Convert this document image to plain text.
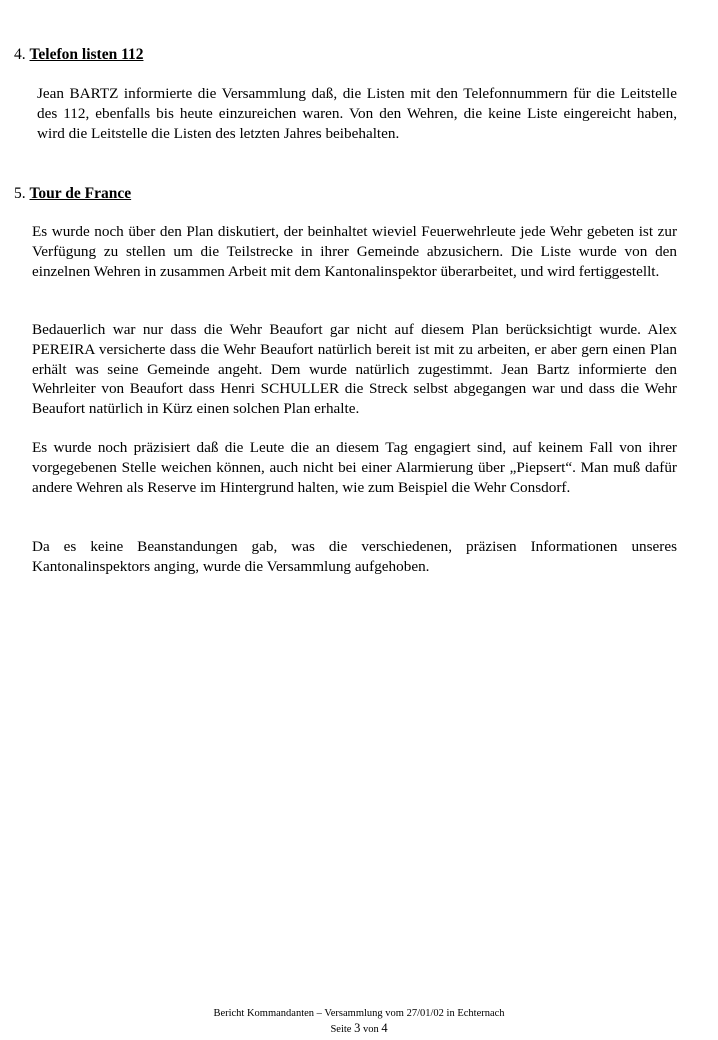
4. Telefon listen 112

Jean BARTZ informierte die Versammlung daß, die Listen mit den Telefonnummern für die Leitstelle des 112, ebenfalls bis heute einzureichen waren. Von den Wehren, die keine Liste eingereicht haben, wird die Leitstelle die Listen des letzten Jahres beibehalten.

5. Tour de France

Es wurde noch über den Plan diskutiert, der beinhaltet wieviel Feuerwehrleute jede Wehr gebeten ist zur Verfügung zu stellen um die Teilstrecke in ihrer Gemeinde abzusichern. Die Liste wurde von den einzelnen Wehren in zusammen Arbeit mit dem Kantonalinspektor überarbeitet, und wird fertiggestellt.

Bedauerlich war nur dass die Wehr Beaufort gar nicht auf diesem Plan berücksichtigt wurde. Alex PEREIRA versicherte dass die Wehr Beaufort natürlich bereit ist mit zu arbeiten, er aber gern einen Plan erhält was seine Gemeinde angeht. Dem wurde natürlich zugestimmt. Jean Bartz informierte den Wehrleiter von Beaufort dass Henri SCHULLER die Streck selbst abgegangen war und dass die Wehr Beaufort natürlich in Kürz einen solchen Plan erhalte.

Es wurde noch präzisiert daß die Leute die an diesem Tag engagiert sind, auf keinem Fall von ihrer vorgegebenen Stelle weichen können, auch nicht bei einer Alarmierung über „Piepsert“. Man muß dafür andere Wehren als Reserve im Hintergrund halten, wie zum Beispiel die Wehr Consdorf.

Da es keine Beanstandungen gab, was die verschiedenen, präzisen Informationen unseres Kantonalinspektors anging, wurde die Versammlung aufgehoben.

Bericht Kommandanten – Versammlung vom 27/01/02 in Echternach
Seite 3 von 4
